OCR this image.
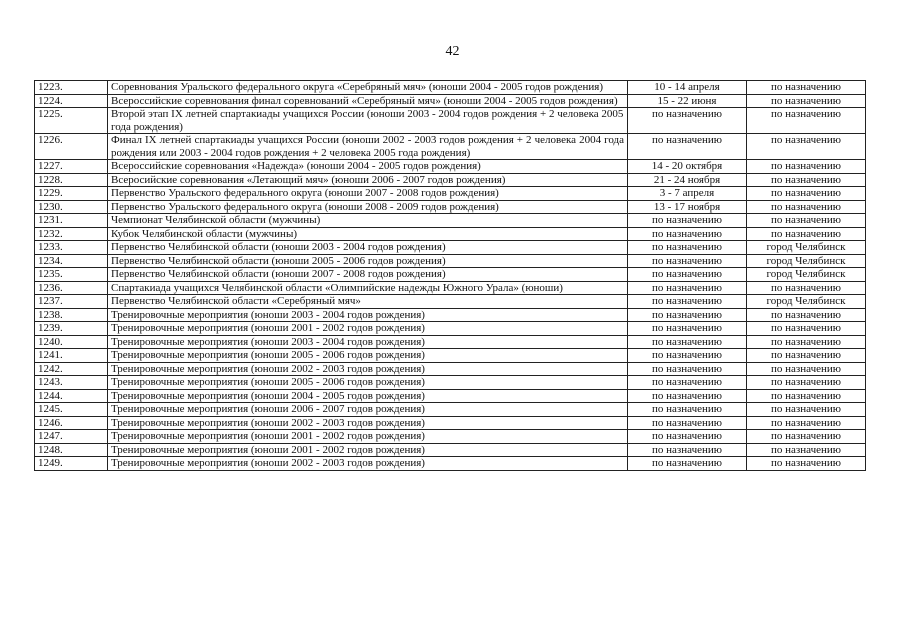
42
1223.	Соревнования Уральского федерального округа «Серебряный мяч» (юноши 2004 - 2005 годов рождения)	10 - 14 апреля	по назначению
1224.	Всероссийские соревнования финал соревнований «Серебряный мяч» (юноши 2004 - 2005 годов рождения)	15 - 22 июня	по назначению
1225.	Второй этап IX летней спартакиады учащихся России (юноши 2003 - 2004 годов рождения + 2 человека 2005 года рождения)	по назначению	по назначению
1226.	Финал IX летней спартакиады учащихся России (юноши 2002 - 2003 годов рождения + 2 человека 2004 года рождения или 2003 - 2004 годов рождения + 2 человека 2005 года рождения)	по назначению	по назначению
1227.	Всероссийские соревнования «Надежда» (юноши 2004 - 2005 годов рождения)	14 - 20 октября	по назначению
1228.	Всеросийские соревнования «Летающий мяч» (юноши 2006 - 2007 годов рождения)	21 - 24 ноября	по назначению
1229.	Первенство Уральского федерального округа (юноши 2007 - 2008 годов рождения)	3 - 7 апреля	по назначению
1230.	Первенство Уральского федерального округа (юноши 2008 - 2009 годов рождения)	13 - 17 ноября	по назначению
1231.	Чемпионат Челябинской области (мужчины)	по назначению	по назначению
1232.	Кубок Челябинской области (мужчины)	по назначению	по назначению
1233.	Первенство Челябинской области (юноши 2003 - 2004 годов рождения)	по назначению	город Челябинск
1234.	Первенство Челябинской области (юноши 2005 - 2006 годов рождения)	по назначению	город Челябинск
1235.	Первенство Челябинской области (юноши 2007 - 2008 годов рождения)	по назначению	город Челябинск
1236.	Спартакиада учащихся Челябинской области «Олимпийские надежды Южного Урала» (юноши)	по назначению	по назначению
1237.	Первенство Челябинской области «Серебряный мяч»	по назначению	город Челябинск
1238.	Тренировочные мероприятия (юноши 2003 - 2004 годов рождения)	по назначению	по назначению
1239.	Тренировочные мероприятия (юноши 2001 - 2002 годов рождения)	по назначению	по назначению
1240.	Тренировочные мероприятия (юноши 2003 - 2004 годов рождения)	по назначению	по назначению
1241.	Тренировочные мероприятия (юноши 2005 - 2006 годов рождения)	по назначению	по назначению
1242.	Тренировочные мероприятия (юноши 2002 - 2003 годов рождения)	по назначению	по назначению
1243.	Тренировочные мероприятия (юноши 2005 - 2006 годов рождения)	по назначению	по назначению
1244.	Тренировочные мероприятия (юноши 2004 - 2005 годов рождения)	по назначению	по назначению
1245.	Тренировочные мероприятия (юноши 2006 - 2007 годов рождения)	по назначению	по назначению
1246.	Тренировочные мероприятия (юноши 2002 - 2003 годов рождения)	по назначению	по назначению
1247.	Тренировочные мероприятия (юноши 2001 - 2002 годов рождения)	по назначению	по назначению
1248.	Тренировочные мероприятия (юноши 2001 - 2002 годов рождения)	по назначению	по назначению
1249.	Тренировочные мероприятия (юноши 2002 - 2003 годов рождения)	по назначению	по назначению
